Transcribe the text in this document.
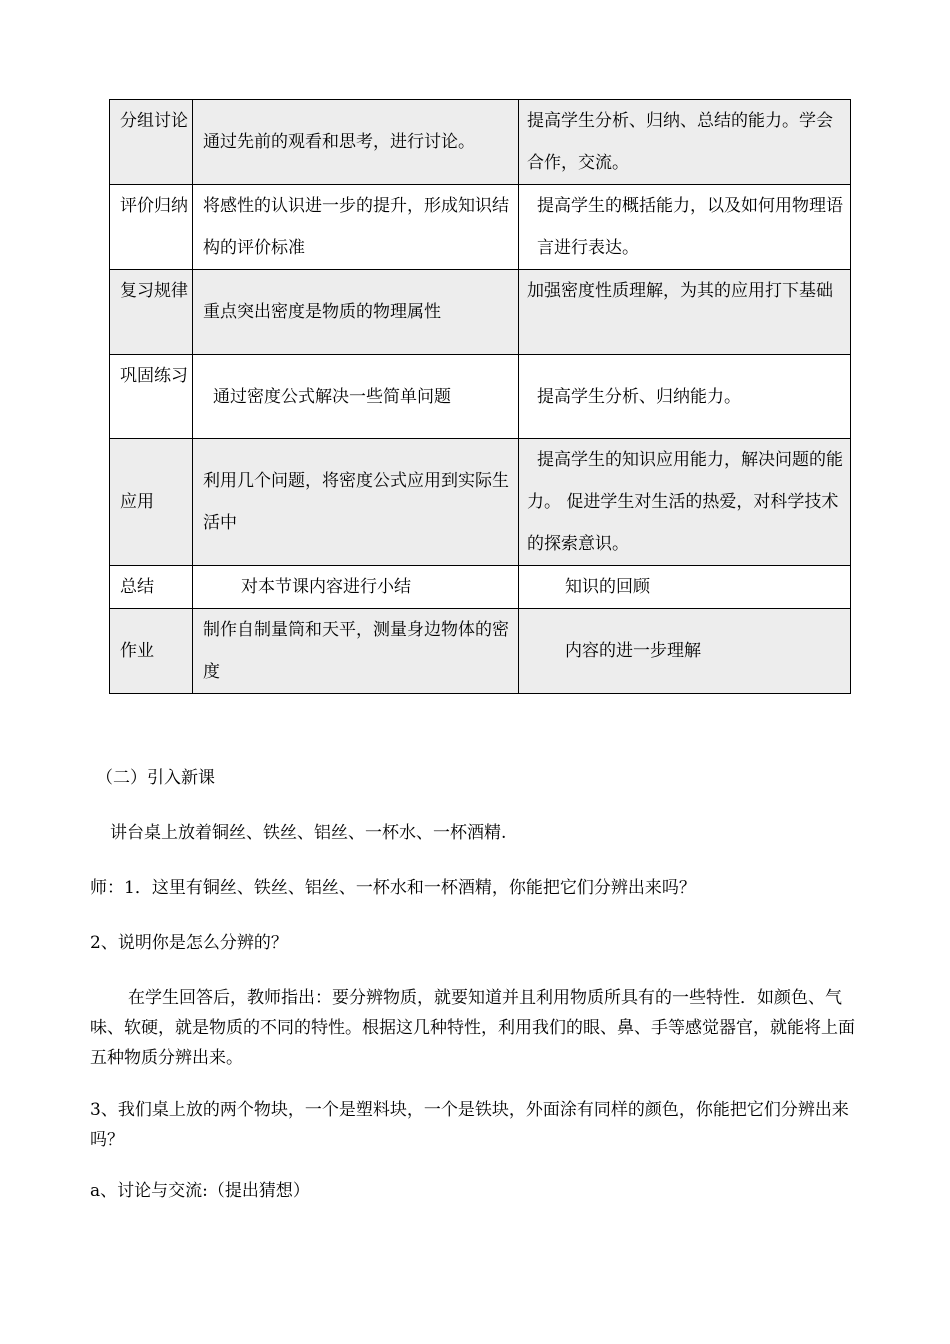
分组讨论	通过先前的观看和思考，进行讨论。	提高学生分析、归纳、总结的能力。学会合作，交流。

评价归纳	将感性的认识进一步的提升，形成知识结构的评价标准	提高学生的概括能力，以及如何用物理语言进行表达。

复习规律	重点突出密度是物质的物理属性	加强密度性质理解，为其的应用打下基础

巩固练习	通过密度公式解决一些简单问题	提高学生分析、归纳能力。

应用	利用几个问题，将密度公式应用到实际生活中	提高学生的知识应用能力，解决问题的能力。 促进学生对生活的热爱，对科学技术的探索意识。

总结	对本节课内容进行小结	知识的回顾

作业	制作自制量筒和天平，测量身边物体的密度	内容的进一步理解
（二）引入新课
讲台桌上放着铜丝、铁丝、铝丝、一杯水、一杯酒精.
师：1．这里有铜丝、铁丝、铝丝、一杯水和一杯酒精，你能把它们分辨出来吗？
2、说明你是怎么分辨的？
在学生回答后，教师指出：要分辨物质，就要知道并且利用物质所具有的一些特性．如颜色、气味、软硬，就是物质的不同的特性。根据这几种特性，利用我们的眼、鼻、手等感觉器官，就能将上面五种物质分辨出来。
3、我们桌上放的两个物块，一个是塑料块，一个是铁块，外面涂有同样的颜色，你能把它们分辨出来吗？
a、讨论与交流:（提出猜想）
